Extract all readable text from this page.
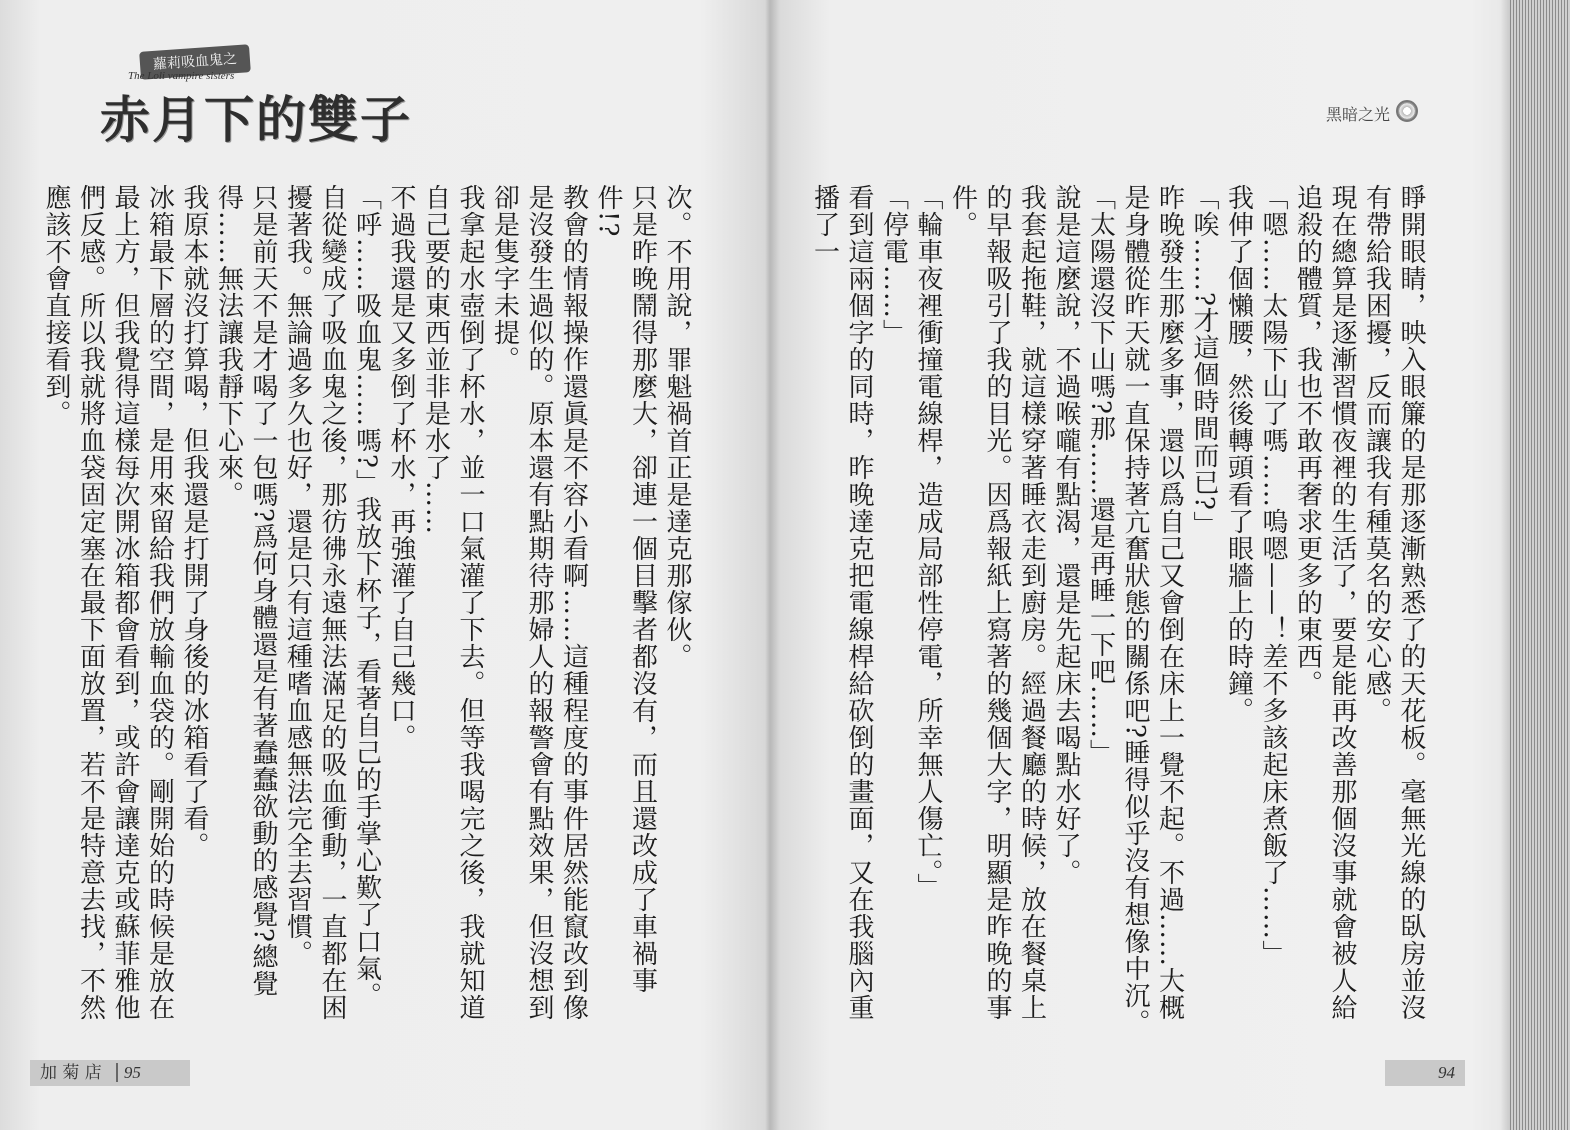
蘿莉吸血鬼之
The Loli vampire sisters
赤月下的雙子

次。不用說，罪魁禍首正是達克那傢伙。

只是昨晚鬧得那麼大，卻連一個目擊者都沒有，而且還改成了車禍事件!?

教會的情報操作還眞是不容小看啊……這種程度的事件居然能竄改到像是沒發生過似的。原本還有點期待那婦人的報警會有點效果，但沒想到卻是隻字未提。

我拿起水壺倒了杯水，並一口氣灌了下去。但等我喝完之後，我就知道自己要的東西並非是水了……

不過我還是又多倒了杯水，再強灌了自己幾口。

「呼……吸血鬼……嗎?」我放下杯子，看著自己的手掌心歎了口氣。

自從變成了吸血鬼之後，那彷彿永遠無法滿足的吸血衝動，一直都在困擾著我。無論過多久也好，還是只有這種嗜血感無法完全去習慣。

只是前天不是才喝了一包嗎?爲何身體還是有著蠢蠢欲動的感覺?總覺得……無法讓我靜下心來。

我原本就沒打算喝，但我還是打開了身後的冰箱看了看。

冰箱最下層的空間，是用來留給我們放輸血袋的。剛開始的時候是放在最上方，但我覺得這樣每次開冰箱都會看到，或許會讓達克或蘇菲雅他們反感。所以我就將血袋固定塞在最下面放置，若不是特意去找，不然應該不會直接看到。

加 菊 店 95
黑暗之光

睜開眼睛，映入眼簾的是那逐漸熟悉了的天花板。毫無光線的臥房並沒有帶給我困擾，反而讓我有種莫名的安心感。

現在總算是逐漸習慣夜裡的生活了，要是能再改善那個沒事就會被人給追殺的體質，我也不敢再奢求更多的東西。

「嗯……太陽下山了嗎……嗚嗯——！差不多該起床煮飯了……」

我伸了個懶腰，然後轉頭看了眼牆上的時鐘。

「唉……?才這個時間而已?」

昨晚發生那麼多事，還以爲自己又會倒在床上一覺不起。不過……大概是身體從昨天就一直保持著亢奮狀態的關係吧?睡得似乎沒有想像中沉。

「太陽還沒下山嗎?那……還是再睡一下吧……」

說是這麼說，不過喉嚨有點渴，還是先起床去喝點水好了。

我套起拖鞋，就這樣穿著睡衣走到廚房。經過餐廳的時候，放在餐桌上的早報吸引了我的目光。因爲報紙上寫著的幾個大字，明顯是昨晚的事件。

「輪車夜裡衝撞電線桿，造成局部性停電，所幸無人傷亡。」

「停電……」

看到這兩個字的同時，昨晚達克把電線桿給砍倒的畫面，又在我腦內重播了一

94
